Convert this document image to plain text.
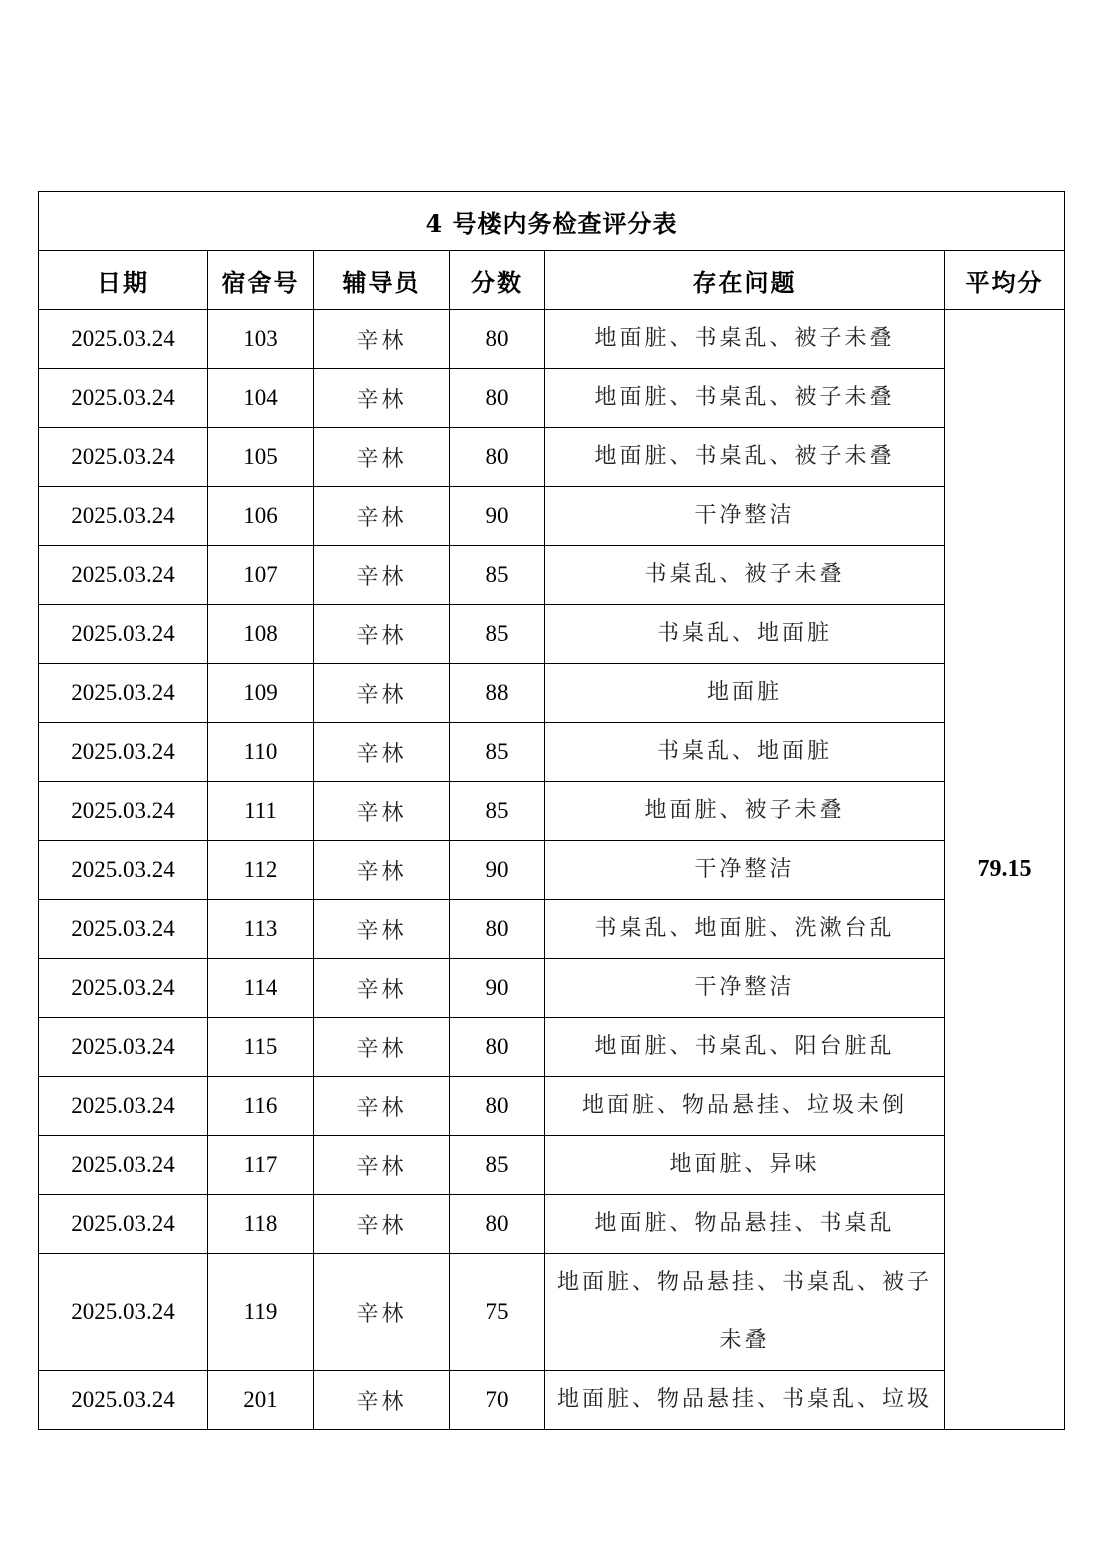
4 号楼内务检查评分表					
日期	宿舍号	辅导员	分数	存在问题	平均分
2025.03.24	103	辛林	80	地面脏、书桌乱、被子未叠	79.15
2025.03.24	104	辛林	80	地面脏、书桌乱、被子未叠	
2025.03.24	105	辛林	80	地面脏、书桌乱、被子未叠	
2025.03.24	106	辛林	90	干净整洁	
2025.03.24	107	辛林	85	书桌乱、被子未叠	
2025.03.24	108	辛林	85	书桌乱、地面脏	
2025.03.24	109	辛林	88	地面脏	
2025.03.24	110	辛林	85	书桌乱、地面脏	
2025.03.24	111	辛林	85	地面脏、被子未叠	
2025.03.24	112	辛林	90	干净整洁	
2025.03.24	113	辛林	80	书桌乱、地面脏、洗漱台乱	
2025.03.24	114	辛林	90	干净整洁	
2025.03.24	115	辛林	80	地面脏、书桌乱、阳台脏乱	
2025.03.24	116	辛林	80	地面脏、物品悬挂、垃圾未倒	
2025.03.24	117	辛林	85	地面脏、异味	
2025.03.24	118	辛林	80	地面脏、物品悬挂、书桌乱	
2025.03.24	119	辛林	75	地面脏、物品悬挂、书桌乱、被子未叠	
2025.03.24	201	辛林	70	地面脏、物品悬挂、书桌乱、垃圾	
